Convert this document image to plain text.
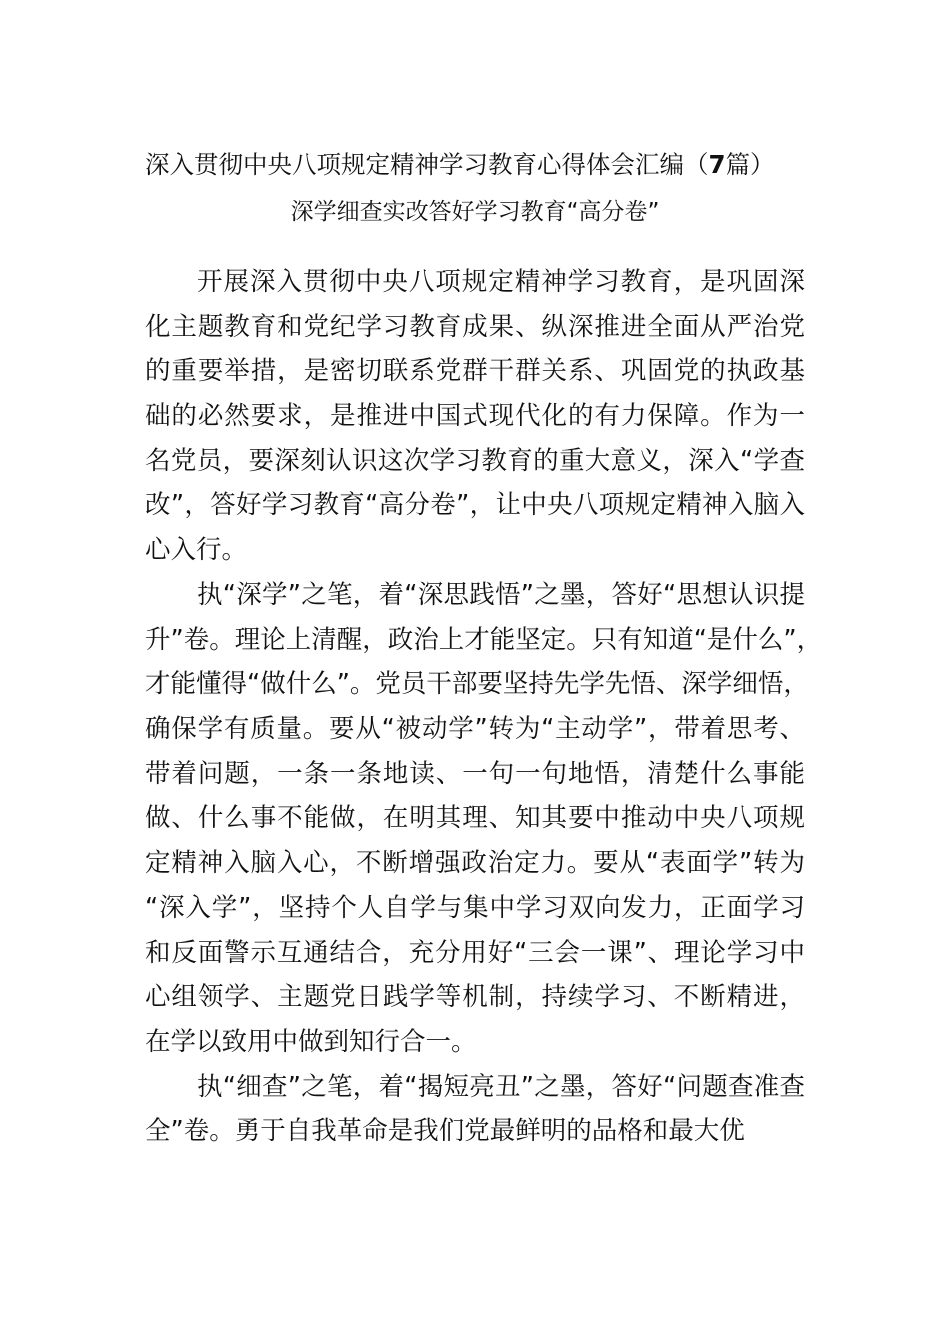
深入贯彻中央八项规定精神学习教育心得体会汇编（7篇）
深学细查实改答好学习教育“高分卷”
开展深入贯彻中央八项规定精神学习教育，是巩固深
化主题教育和党纪学习教育成果、纵深推进全面从严治党
的重要举措，是密切联系党群干群关系、巩固党的执政基
础的必然要求，是推进中国式现代化的有力保障。作为一
名党员，要深刻认识这次学习教育的重大意义，深入“学查
改”，答好学习教育“高分卷”，让中央八项规定精神入脑入
心入行。
执“深学”之笔，着“深思践悟”之墨，答好“思想认识提
升”卷。理论上清醒，政治上才能坚定。只有知道“是什么”，
才能懂得“做什么”。党员干部要坚持先学先悟、深学细悟，
确保学有质量。要从“被动学”转为“主动学”，带着思考、
带着问题，一条一条地读、一句一句地悟，清楚什么事能
做、什么事不能做，在明其理、知其要中推动中央八项规
定精神入脑入心，不断增强政治定力。要从“表面学”转为
“深入学”，坚持个人自学与集中学习双向发力，正面学习
和反面警示互通结合，充分用好“三会一课”、理论学习中
心组领学、主题党日践学等机制，持续学习、不断精进，
在学以致用中做到知行合一。
执“细查”之笔，着“揭短亮丑”之墨，答好“问题查准查
全”卷。勇于自我革命是我们党最鲜明的品格和最大优
